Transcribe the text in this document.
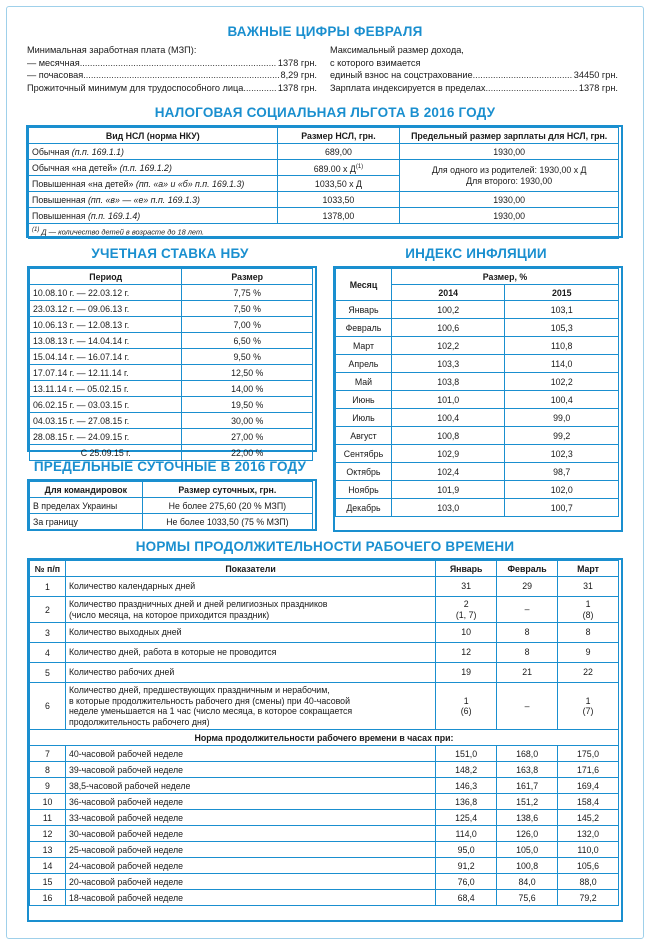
ВАЖНЫЕ ЦИФРЫ ФЕВРАЛЯ
Минимальная заработная плата (МЗП):
— месячная .....	1378 грн.
— почасовая .....	8,29 грн.
Прожиточный минимум для трудоспособного лица .....	1378 грн.
Максимальный размер дохода,
с которого взимается
единый взнос на соцстрахование .....	34450 грн.
Зарплата индексируется в пределах .....	1378 грн.
НАЛОГОВАЯ СОЦИАЛЬНАЯ ЛЬГОТА В 2016 ГОДУ
Вид НСЛ (норма НКУ)	Размер НСЛ, грн.	Предельный размер зарплаты для НСЛ, грн.
Обычная (п.п. 169.1.1)	689,00	1930,00
Обычная «на детей» (п.п. 169.1.2)	689.00 х $Д^{(1)}$	Для одного из родителей: 1930,00 х Д
Для второго: 1930,00
Повышенная «на детей» (пп. «а» и «б» п.п. 169.1.3)	1033,50 х Д	
Повышенная (пп. «в» — «е» п.п. 169.1.3)	1033,50	1930,00
Повышенная (п.п. 169.1.4)	1378,00	1930,00
$^{(1)}$ Д — количество детей в возрасте до 18 лет.		
УЧЕТНАЯ СТАВКА НБУ
Период	Размер
10.08.10 г. — 22.03.12 г.	7,75 %
23.03.12 г. — 09.06.13 г.	7,50 %
10.06.13 г. — 12.08.13 г.	7,00 %
13.08.13 г. — 14.04.14 г.	6,50 %
15.04.14 г. — 16.07.14 г.	9,50 %
17.07.14 г. — 12.11.14 г.	12,50 %
13.11.14 г. — 05.02.15 г.	14,00 %
06.02.15 г. — 03.03.15 г.	19,50 %
04.03.15 г. — 27.08.15 г.	30,00 %
28.08.15 г. — 24.09.15 г.	27,00 %
С 25.09.15 г.	22,00 %
ПРЕДЕЛЬНЫЕ СУТОЧНЫЕ В 2016 ГОДУ
Для командировок	Размер суточных, грн.
В пределах Украины	Не более 275,60 (20 % МЗП)
За границу	Не более 1033,50 (75 % МЗП)
ИНДЕКС ИНФЛЯЦИИ
Месяц	Размер, %	
	2014	2015
Январь	100,2	103,1
Февраль	100,6	105,3
Март	102,2	110,8
Апрель	103,3	114,0
Май	103,8	102,2
Июнь	101,0	100,4
Июль	100,4	99,0
Август	100,8	99,2
Сентябрь	102,9	102,3
Октябрь	102,4	98,7
Ноябрь	101,9	102,0
Декабрь	103,0	100,7
НОРМЫ ПРОДОЛЖИТЕЛЬНОСТИ РАБОЧЕГО ВРЕМЕНИ
№ п/п	Показатели	Январь	Февраль	Март
1	Количество календарных дней	31	29	31
2	Количество праздничных дней и дней религиозных праздников
(число месяца, на которое приходится праздник)	2
(1, 7)	–	1
(8)
3	Количество выходных дней	10	8	8
4	Количество дней, работа в которые не проводится	12	8	9
5	Количество рабочих дней	19	21	22
6	Количество дней, предшествующих праздничным и нерабочим,
в которые продолжительность рабочего дня (смены) при 40-часовой
неделе уменьшается на 1 час (число месяца, в которое сокращается
продолжительность рабочего дня)	1
(6)	–	1
(7)
Норма продолжительности рабочего времени в часах при:				
7	40-часовой рабочей неделе	151,0	168,0	175,0
8	39-часовой рабочей неделе	148,2	163,8	171,6
9	38,5-часовой рабочей неделе	146,3	161,7	169,4
10	36-часовой рабочей неделе	136,8	151,2	158,4
11	33-часовой рабочей неделе	125,4	138,6	145,2
12	30-часовой рабочей неделе	114,0	126,0	132,0
13	25-часовой рабочей неделе	95,0	105,0	110,0
14	24-часовой рабочей неделе	91,2	100,8	105,6
15	20-часовой рабочей неделе	76,0	84,0	88,0
16	18-часовой рабочей неделе	68,4	75,6	79,2
